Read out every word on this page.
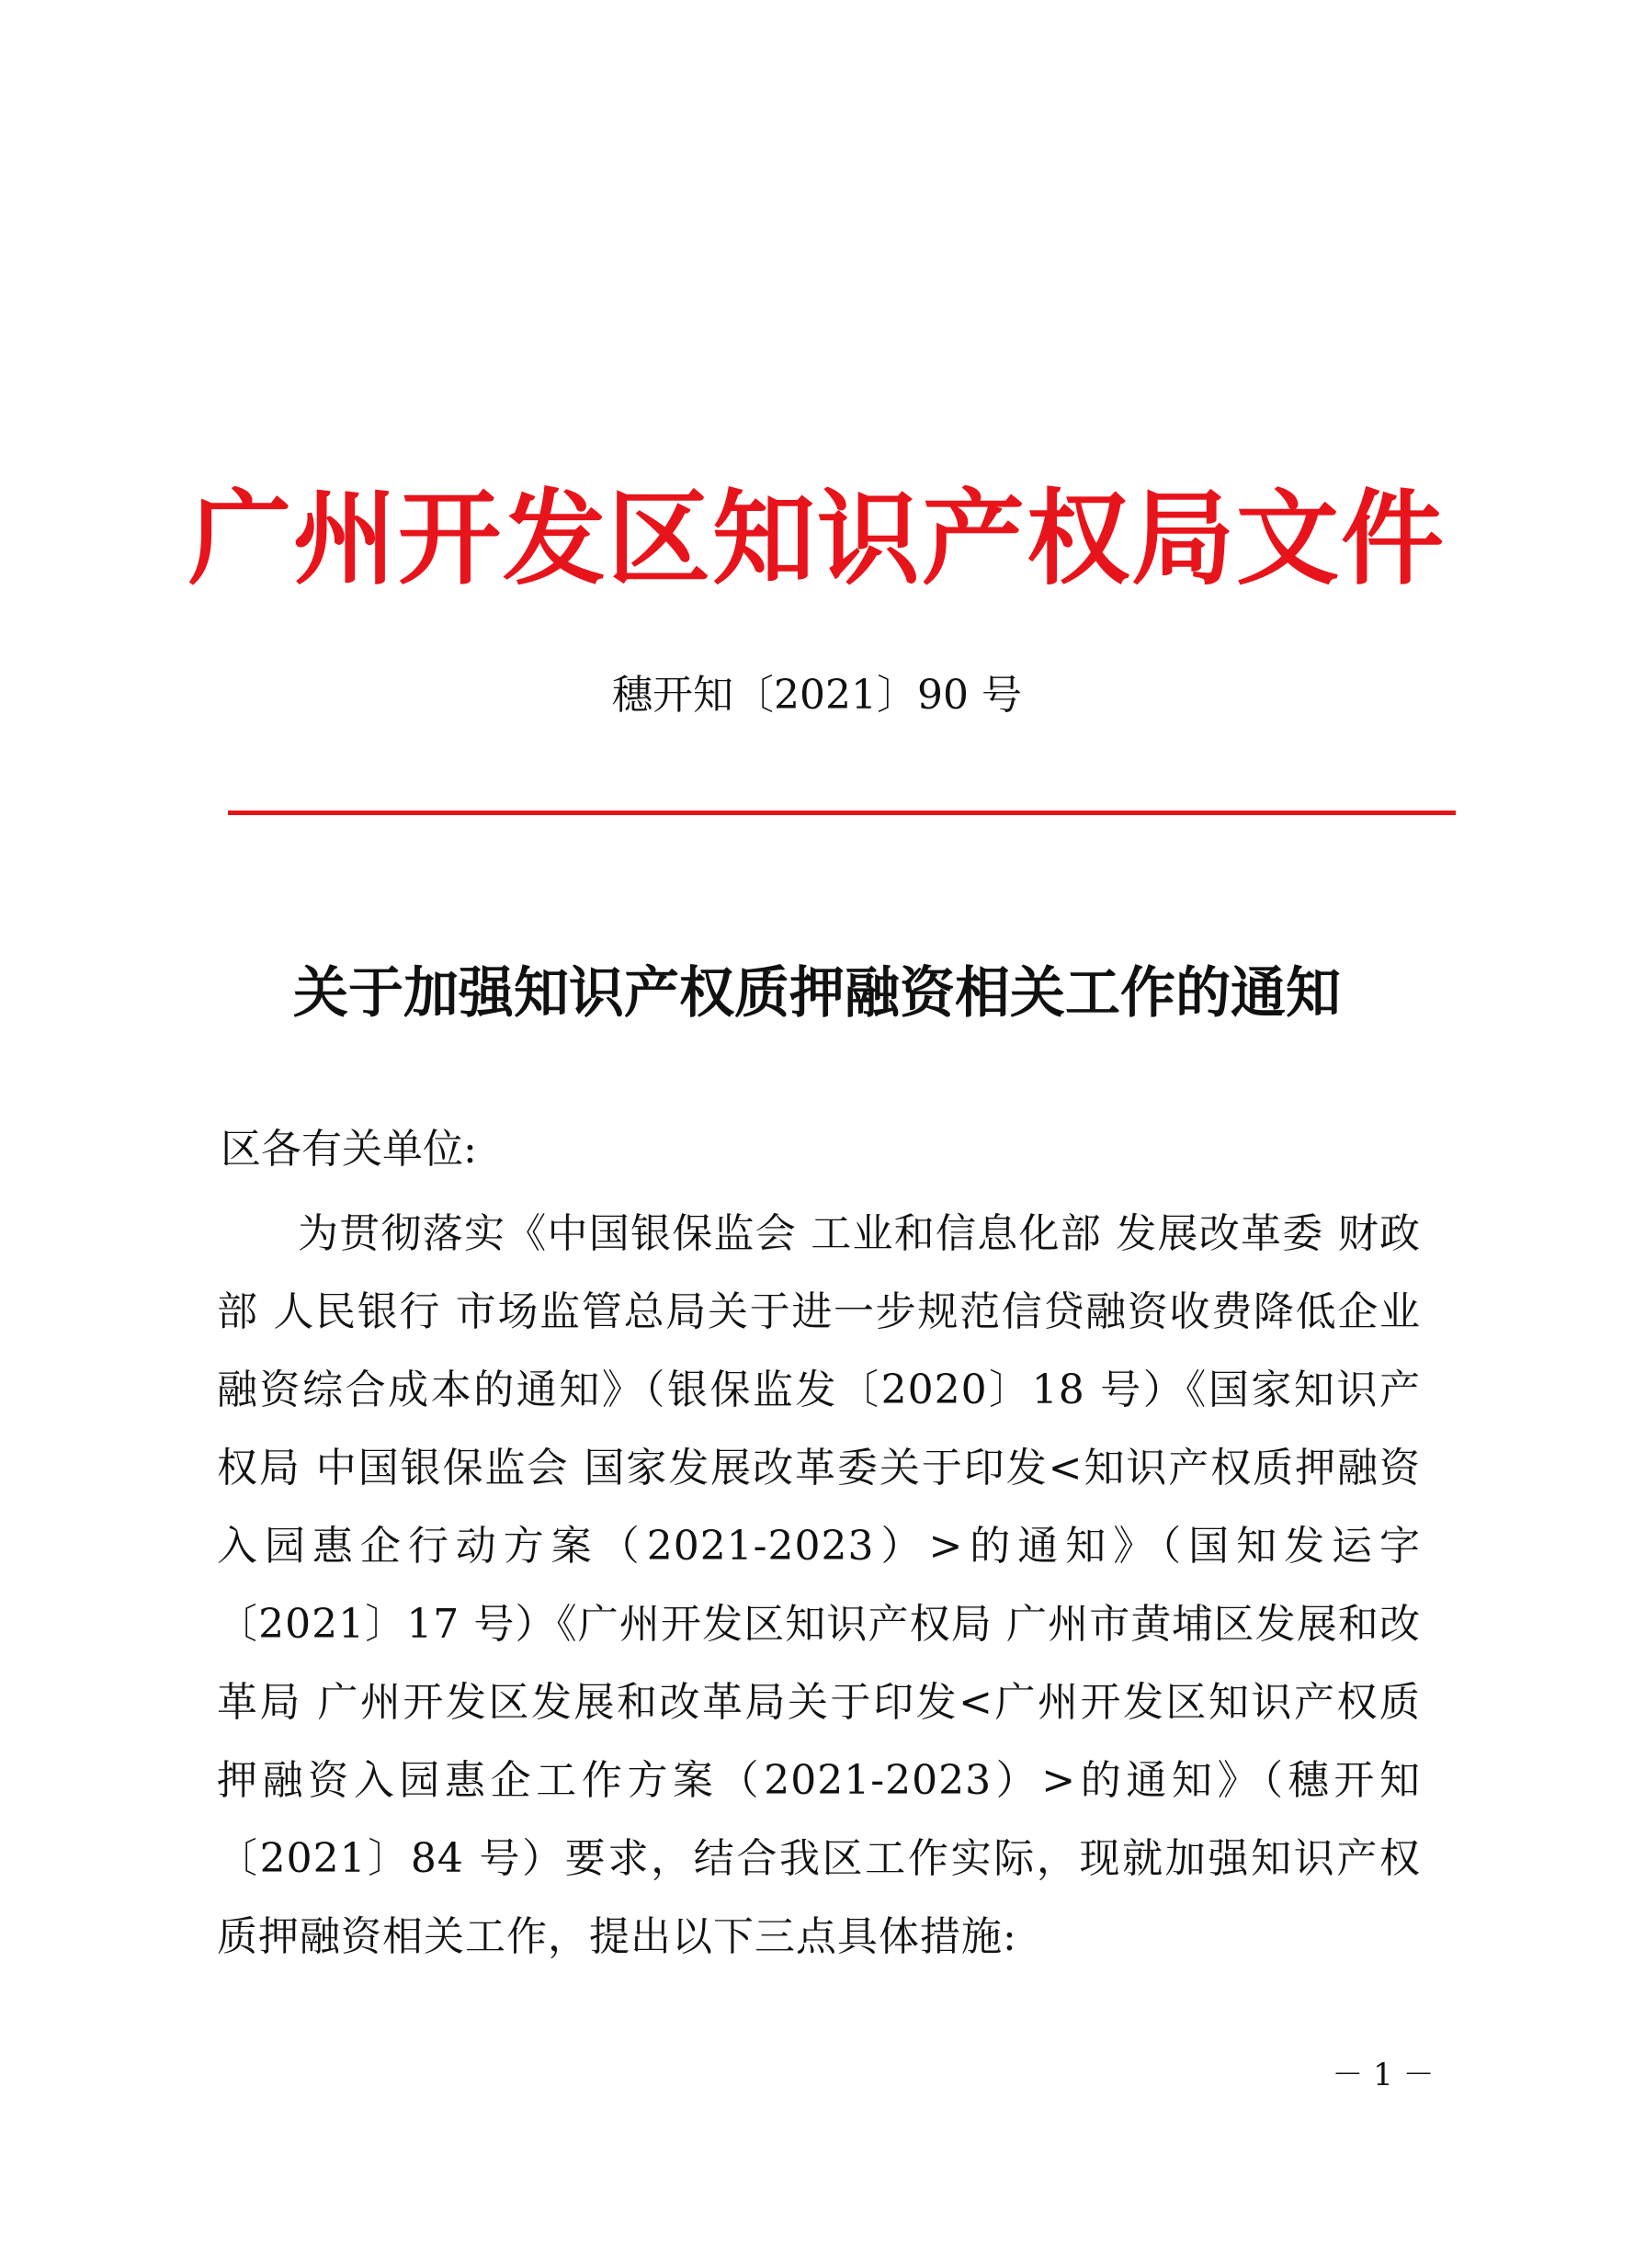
广州开发区知识产权局文件
穗开知〔2021〕90 号
关于加强知识产权质押融资相关工作的通知
区各有关单位:
为贯彻落实《中国银保监会 工业和信息化部 发展改革委 财政部 人民银行 市场监管总局关于进一步规范信贷融资收费降低企业融资综合成本的通知》（银保监发〔2020〕18 号）《国家知识产权局 中国银保监会 国家发展改革委关于印发<知识产权质押融资入园惠企行动方案（2021-2023）>的通知》（国知发运字〔2021〕17 号）《广州开发区知识产权局 广州市黄埔区发展和改革局 广州开发区发展和改革局关于印发<广州开发区知识产权质押融资入园惠企工作方案（2021-2023）>的通知》（穗开知〔2021〕84 号）要求，结合我区工作实际，现就加强知识产权质押融资相关工作，提出以下三点具体措施:
－ 1 －
